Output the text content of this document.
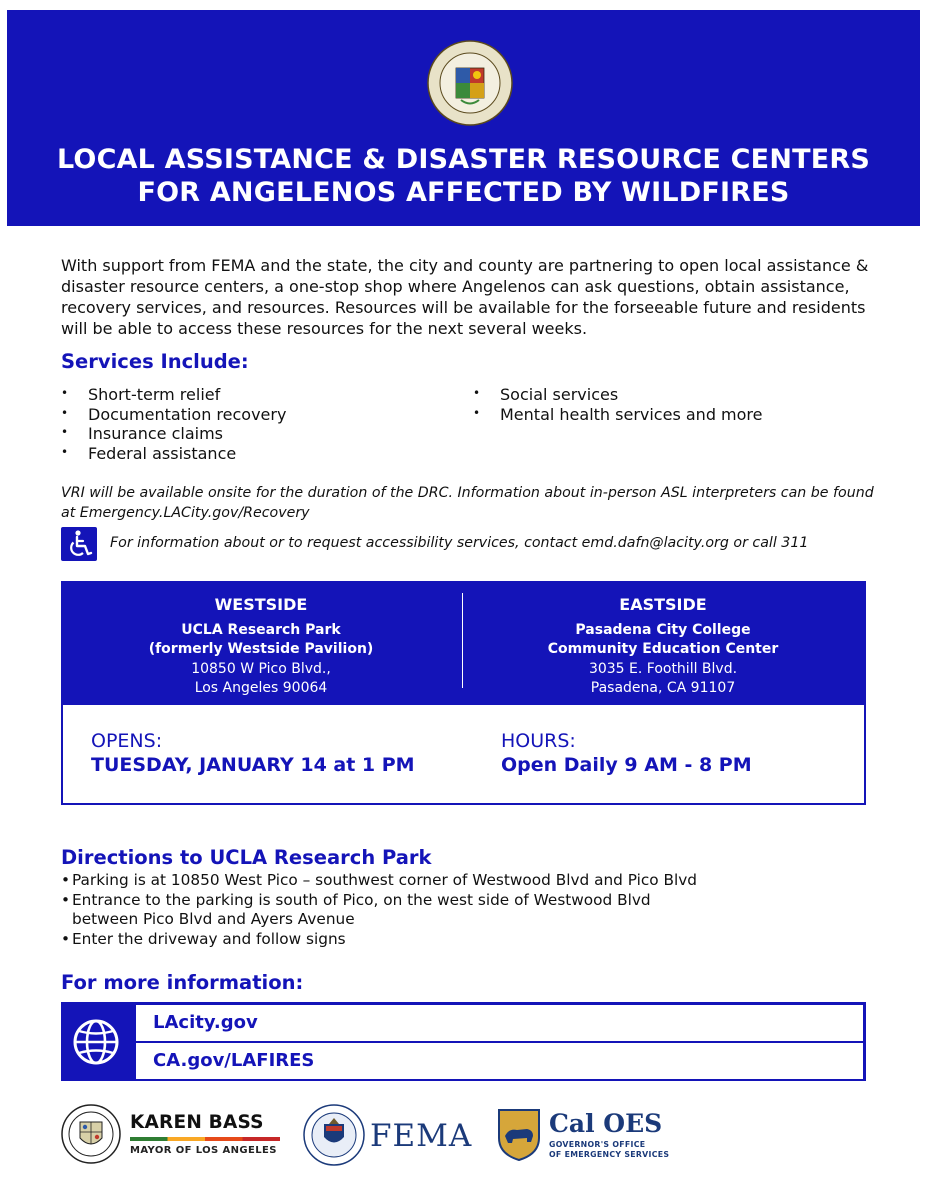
LOCAL ASSISTANCE & DISASTER RESOURCE CENTERS
FOR ANGELENOS AFFECTED BY WILDFIRES

With support from FEMA and the state, the city and county are partnering to open local assistance & disaster resource centers, a one-stop shop where Angelenos can ask questions, obtain assistance, recovery services, and resources. Resources will be available for the forseeable future and residents will be able to access these resources for the next several weeks.

Services Include:
• Short-term relief
• Documentation recovery
• Insurance claims
• Federal assistance
• Social services
• Mental health services and more

VRI will be available onsite for the duration of the DRC. Information about in-person ASL interpreters can be found at Emergency.LACity.gov/Recovery

For information about or to request accessibility services, contact emd.dafn@lacity.org or call 311
WESTSIDE
UCLA Research Park
(formerly Westside Pavilion)
10850 W Pico Blvd.,
Los Angeles 90064
EASTSIDE
Pasadena City College
Community Education Center
3035 E. Foothill Blvd.
Pasadena, CA 91107
OPENS:
TUESDAY, JANUARY 14 at 1 PM
HOURS:
Open Daily 9 AM - 8 PM
Directions to UCLA Research Park
• Parking is at 10850 West Pico – southwest corner of Westwood Blvd and Pico Blvd
• Entrance to the parking is south of Pico, on the west side of Westwood Blvd between Pico Blvd and Ayers Avenue
• Enter the driveway and follow signs
For more information:
LAcity.gov
CA.gov/LAFIRES
KAREN BASS
MAYOR OF LOS ANGELES	FEMA	Cal OES
GOVERNOR'S OFFICE
OF EMERGENCY SERVICES
